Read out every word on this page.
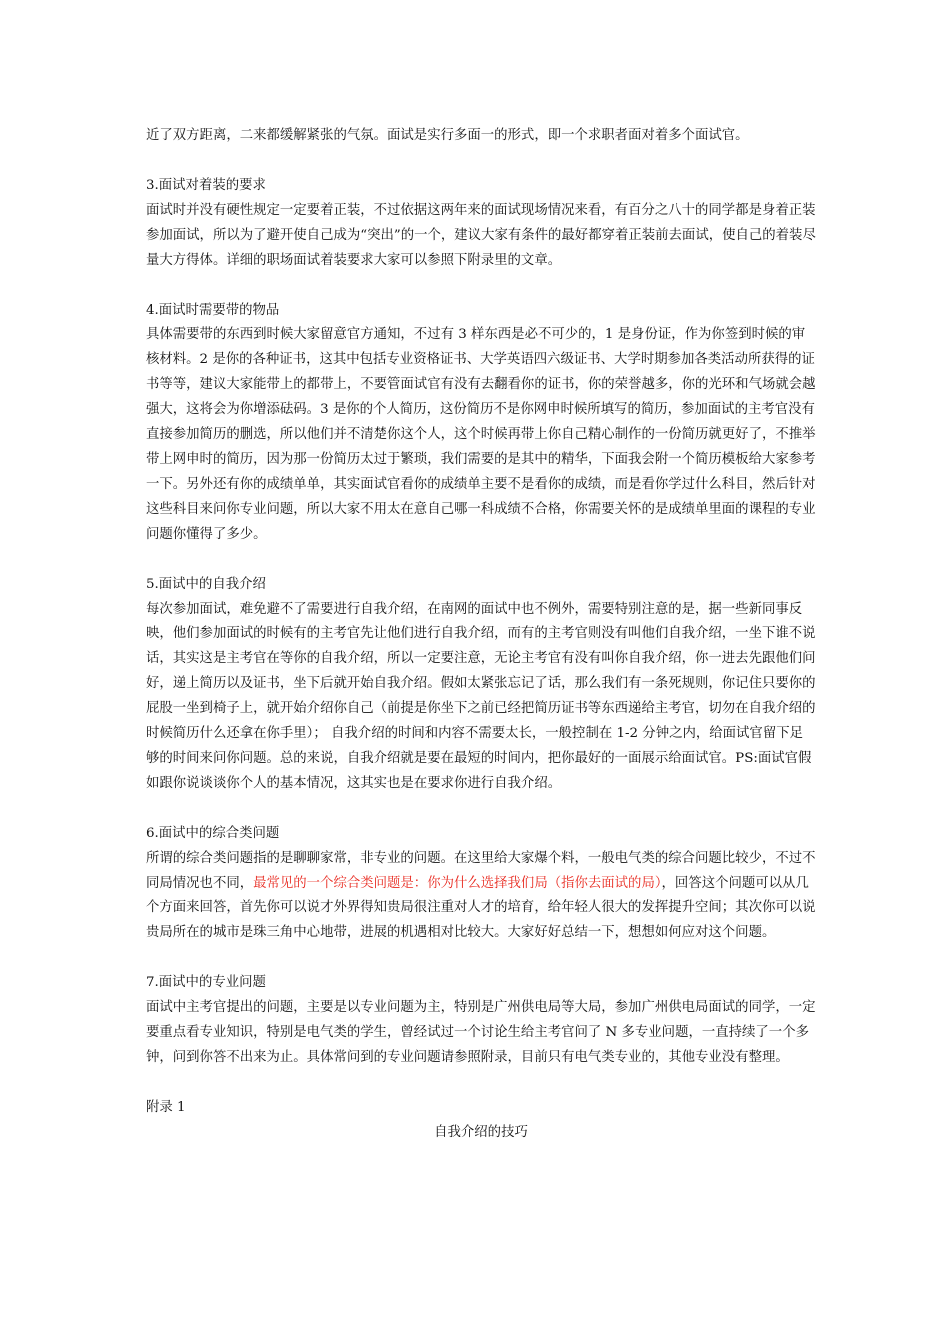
近了双方距离，二来都缓解紧张的气氛。面试是实行多面一的形式，即一个求职者面对着多个面试官。

3.面试对着装的要求

面试时并没有硬性规定一定要着正装，不过依据这两年来的面试现场情况来看，有百分之八十的同学都是身着正装参加面试，所以为了避开使自己成为“突出”的一个，建议大家有条件的最好都穿着正装前去面试，使自己的着装尽量大方得体。详细的职场面试着装要求大家可以参照下附录里的文章。

4.面试时需要带的物品

具体需要带的东西到时候大家留意官方通知，不过有 3 样东西是必不可少的，1 是身份证，作为你签到时候的审核材料。2 是你的各种证书，这其中包括专业资格证书、大学英语四六级证书、大学时期参加各类活动所获得的证书等等，建议大家能带上的都带上，不要管面试官有没有去翻看你的证书，你的荣誉越多，你的光环和气场就会越强大，这将会为你增添砝码。3 是你的个人简历，这份简历不是你网申时候所填写的简历，参加面试的主考官没有直接参加简历的删选，所以他们并不清楚你这个人，这个时候再带上你自己精心制作的一份简历就更好了，不推举带上网申时的简历，因为那一份简历太过于繁琐，我们需要的是其中的精华，下面我会附一个简历模板给大家参考一下。另外还有你的成绩单单，其实面试官看你的成绩单主要不是看你的成绩，而是看你学过什么科目，然后针对这些科目来问你专业问题，所以大家不用太在意自己哪一科成绩不合格，你需要关怀的是成绩单里面的课程的专业问题你懂得了多少。

5.面试中的自我介绍

每次参加面试，难免避不了需要进行自我介绍，在南网的面试中也不例外，需要特别注意的是，据一些新同事反映，他们参加面试的时候有的主考官先让他们进行自我介绍，而有的主考官则没有叫他们自我介绍，一坐下谁不说话，其实这是主考官在等你的自我介绍，所以一定要注意，无论主考官有没有叫你自我介绍，你一进去先跟他们问好，递上简历以及证书，坐下后就开始自我介绍。假如太紧张忘记了话，那么我们有一条死规则，你记住只要你的屁股一坐到椅子上，就开始介绍你自己（前提是你坐下之前已经把简历证书等东西递给主考官，切勿在自我介绍的时候简历什么还拿在你手里）； 自我介绍的时间和内容不需要太长，一般控制在 1-2 分钟之内，给面试官留下足够的时间来问你问题。总的来说，自我介绍就是要在最短的时间内，把你最好的一面展示给面试官。PS:面试官假如跟你说谈谈你个人的基本情况，这其实也是在要求你进行自我介绍。

6.面试中的综合类问题

所谓的综合类问题指的是聊聊家常，非专业的问题。在这里给大家爆个料，一般电气类的综合问题比较少，不过不同局情况也不同，最常见的一个综合类问题是：你为什么选择我们局（指你去面试的局），回答这个问题可以从几个方面来回答，首先你可以说才外界得知贵局很注重对人才的培育，给年轻人很大的发挥提升空间；其次你可以说贵局所在的城市是珠三角中心地带，进展的机遇相对比较大。大家好好总结一下，想想如何应对这个问题。

7.面试中的专业问题

面试中主考官提出的问题，主要是以专业问题为主，特别是广州供电局等大局，参加广州供电局面试的同学，一定要重点看专业知识，特别是电气类的学生，曾经试过一个讨论生给主考官问了 N 多专业问题，一直持续了一个多钟，问到你答不出来为止。具体常问到的专业问题请参照附录，目前只有电气类专业的，其他专业没有整理。

附录 1

自我介绍的技巧
